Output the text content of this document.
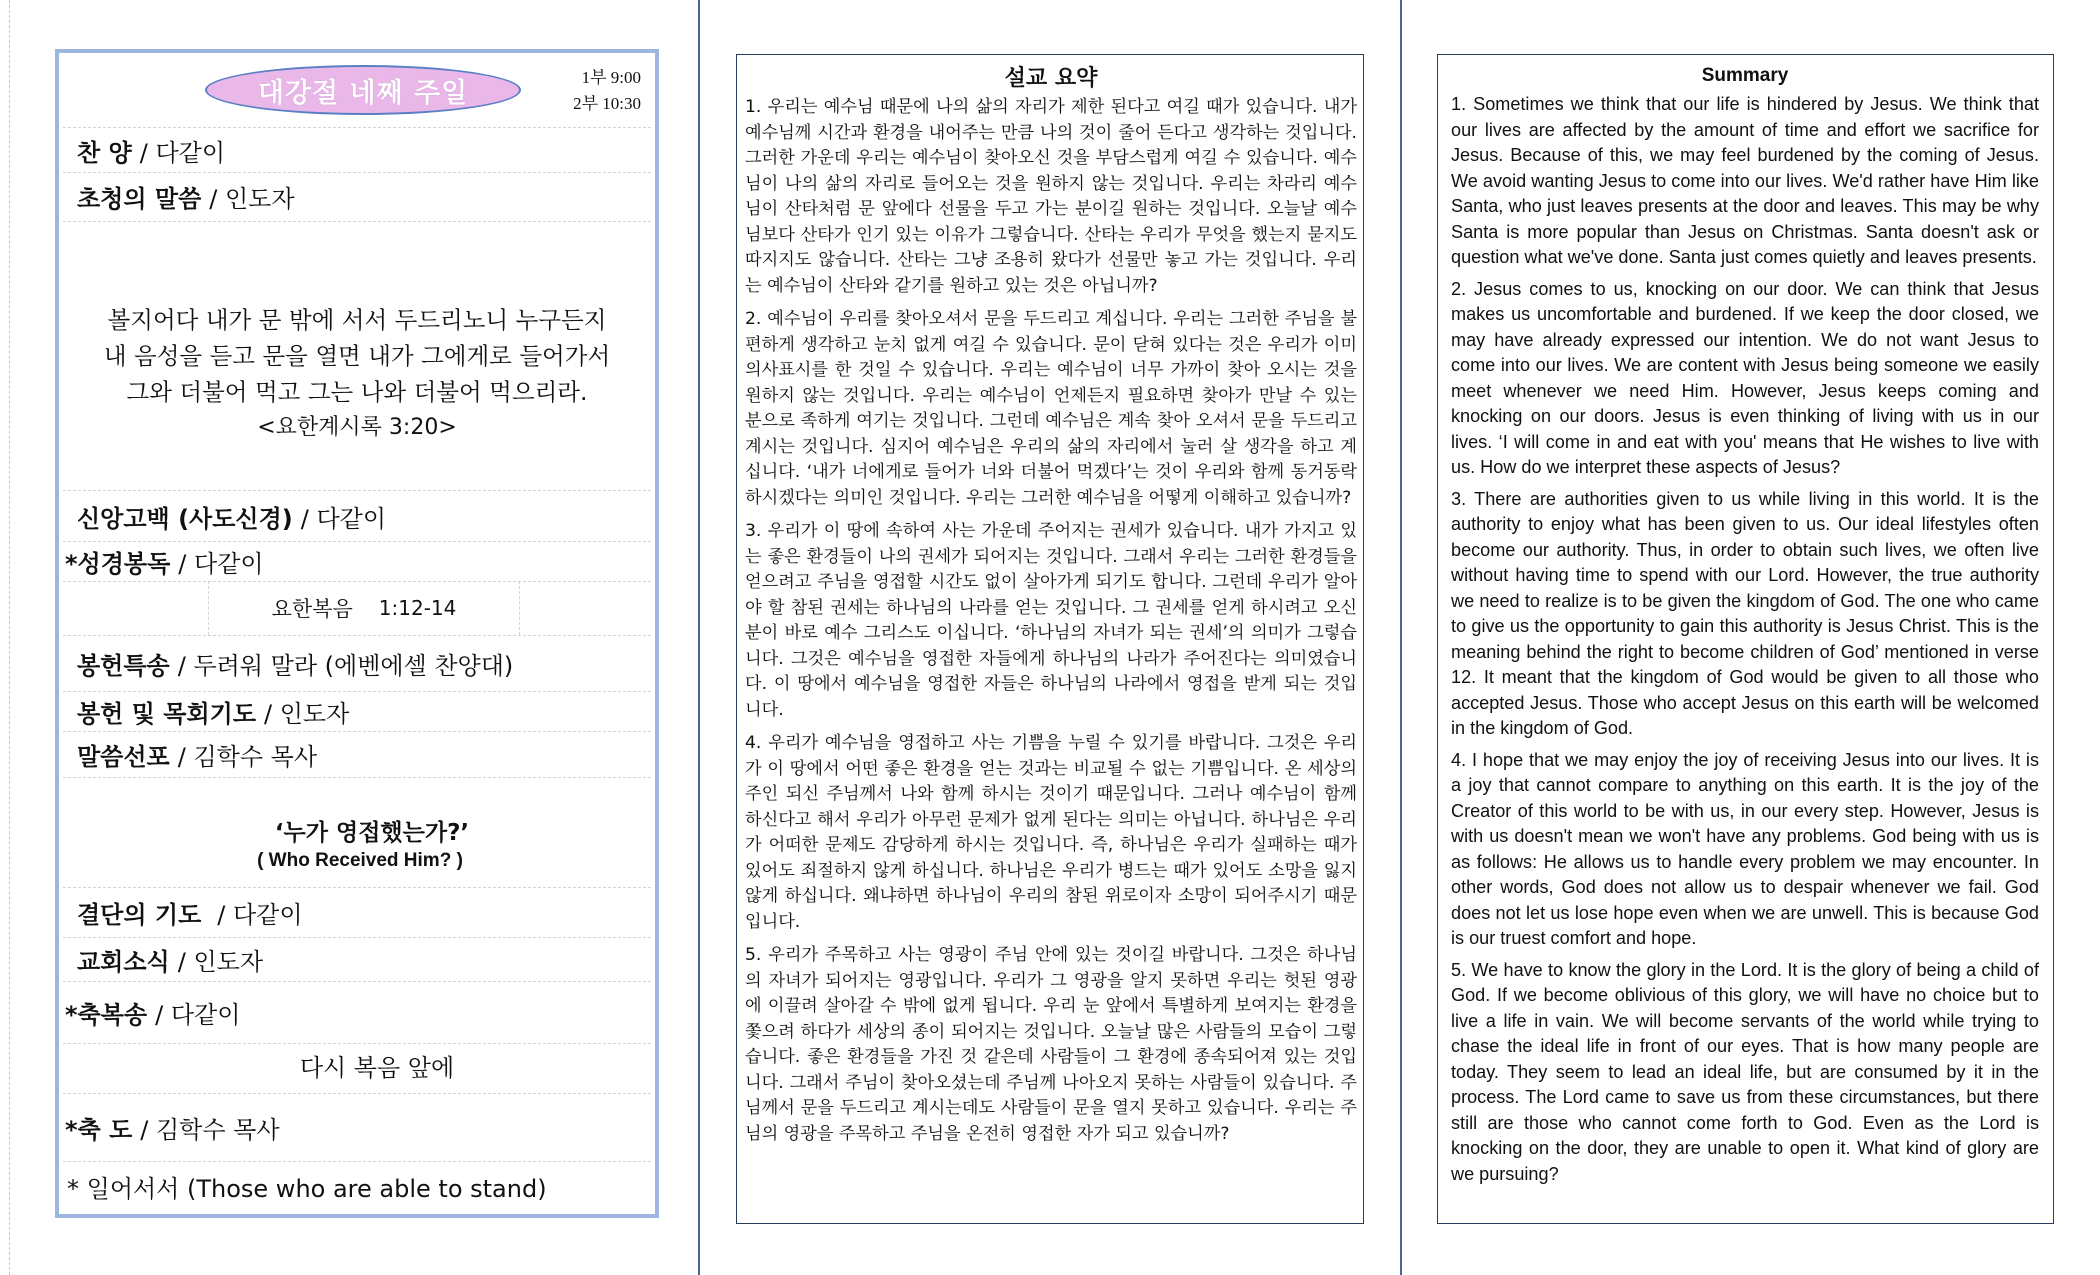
대강절 네째 주일	1부 9:00
2부 10:30
찬 양 / 다같이
초청의 말씀 / 인도자
볼지어다 내가 문 밖에 서서 두드리노니 누구든지
내 음성을 듣고 문을 열면 내가 그에게로 들어가서
그와 더불어 먹고 그는 나와 더불어 먹으리라.
<요한계시록 3:20>
신앙고백 (사도신경) / 다같이
*성경봉독 / 다같이
요한복음 1:12-14
봉헌특송 / 두려워 말라 (에벤에셀 찬양대)
봉헌 및 목회기도 / 인도자
말씀선포 / 김학수 목사
‘누가 영접했는가?’
( Who Received Him? )
결단의 기도 / 다같이
교회소식 / 인도자
*축복송 / 다같이
다시 복음 앞에
*축 도 / 김학수 목사
* 일어서서 (Those who are able to stand)
설교 요약

1. 우리는 예수님 때문에 나의 삶의 자리가 제한 된다고 여길 때가 있습니다. 내가 예수님께 시간과 환경을 내어주는 만큼 나의 것이 줄어 든다고 생각하는 것입니다. 그러한 가운데 우리는 예수님이 찾아오신 것을 부담스럽게 여길 수 있습니다. 예수님이 나의 삶의 자리로 들어오는 것을 원하지 않는 것입니다. 우리는 차라리 예수님이 산타처럼 문 앞에다 선물을 두고 가는 분이길 원하는 것입니다. 오늘날 예수님보다 산타가 인기 있는 이유가 그렇습니다. 산타는 우리가 무엇을 했는지 묻지도 따지지도 않습니다. 산타는 그냥 조용히 왔다가 선물만 놓고 가는 것입니다. 우리는 예수님이 산타와 같기를 원하고 있는 것은 아닙니까?

2. 예수님이 우리를 찾아오셔서 문을 두드리고 계십니다. 우리는 그러한 주님을 불편하게 생각하고 눈치 없게 여길 수 있습니다. 문이 닫혀 있다는 것은 우리가 이미 의사표시를 한 것일 수 있습니다. 우리는 예수님이 너무 가까이 찾아 오시는 것을 원하지 않는 것입니다. 우리는 예수님이 언제든지 필요하면 찾아가 만날 수 있는 분으로 족하게 여기는 것입니다. 그런데 예수님은 계속 찾아 오셔서 문을 두드리고 계시는 것입니다. 심지어 예수님은 우리의 삶의 자리에서 눌러 살 생각을 하고 계십니다. ‘내가 너에게로 들어가 너와 더불어 먹겠다’는 것이 우리와 함께 동거동락 하시겠다는 의미인 것입니다. 우리는 그러한 예수님을 어떻게 이해하고 있습니까?

3. 우리가 이 땅에 속하여 사는 가운데 주어지는 권세가 있습니다. 내가 가지고 있는 좋은 환경들이 나의 권세가 되어지는 것입니다. 그래서 우리는 그러한 환경들을 얻으려고 주님을 영접할 시간도 없이 살아가게 되기도 합니다. 그런데 우리가 알아야 할 참된 권세는 하나님의 나라를 얻는 것입니다. 그 권세를 얻게 하시려고 오신 분이 바로 예수 그리스도 이십니다. ‘하나님의 자녀가 되는 권세’의 의미가 그렇습니다. 그것은 예수님을 영접한 자들에게 하나님의 나라가 주어진다는 의미였습니다. 이 땅에서 예수님을 영접한 자들은 하나님의 나라에서 영접을 받게 되는 것입니다.

4. 우리가 예수님을 영접하고 사는 기쁨을 누릴 수 있기를 바랍니다. 그것은 우리가 이 땅에서 어떤 좋은 환경을 얻는 것과는 비교될 수 없는 기쁨입니다. 온 세상의 주인 되신 주님께서 나와 함께 하시는 것이기 때문입니다. 그러나 예수님이 함께 하신다고 해서 우리가 아무런 문제가 없게 된다는 의미는 아닙니다. 하나님은 우리가 어떠한 문제도 감당하게 하시는 것입니다. 즉, 하나님은 우리가 실패하는 때가 있어도 죄절하지 않게 하십니다. 하나님은 우리가 병드는 때가 있어도 소망을 잃지 않게 하십니다. 왜냐하면 하나님이 우리의 참된 위로이자 소망이 되어주시기 때문입니다.

5. 우리가 주목하고 사는 영광이 주님 안에 있는 것이길 바랍니다. 그것은 하나님의 자녀가 되어지는 영광입니다. 우리가 그 영광을 알지 못하면 우리는 헛된 영광에 이끌려 살아갈 수 밖에 없게 됩니다. 우리 눈 앞에서 특별하게 보여지는 환경을 쫓으려 하다가 세상의 종이 되어지는 것입니다. 오늘날 많은 사람들의 모습이 그렇습니다. 좋은 환경들을 가진 것 같은데 사람들이 그 환경에 종속되어져 있는 것입니다. 그래서 주님이 찾아오셨는데 주님께 나아오지 못하는 사람들이 있습니다. 주님께서 문을 두드리고 계시는데도 사람들이 문을 열지 못하고 있습니다. 우리는 주님의 영광을 주목하고 주님을 온전히 영접한 자가 되고 있습니까?

Summary

1. Sometimes we think that our life is hindered by Jesus. We think that our lives are affected by the amount of time and effort we sacrifice for Jesus. Because of this, we may feel burdened by the coming of Jesus. We avoid wanting Jesus to come into our lives. We'd rather have Him like Santa, who just leaves presents at the door and leaves. This may be why Santa is more popular than Jesus on Christmas. Santa doesn't ask or question what we've done. Santa just comes quietly and leaves presents.

2. Jesus comes to us, knocking on our door. We can think that Jesus makes us uncomfortable and burdened. If we keep the door closed, we may have already expressed our intention. We do not want Jesus to come into our lives. We are content with Jesus being someone we easily meet whenever we need Him. However, Jesus keeps coming and knocking on our doors. Jesus is even thinking of living with us in our lives. ‘I will come in and eat with you' means that He wishes to live with us. How do we interpret these aspects of Jesus?

3. There are authorities given to us while living in this world. It is the authority to enjoy what has been given to us. Our ideal lifestyles often become our authority. Thus, in order to obtain such lives, we often live without having time to spend with our Lord. However, the true authority we need to realize is to be given the kingdom of God. The one who came to give us the opportunity to gain this authority is Jesus Christ. This is the meaning behind the right to become children of God’ mentioned in verse 12. It meant that the kingdom of God would be given to all those who accepted Jesus. Those who accept Jesus on this earth will be welcomed in the kingdom of God.

4. I hope that we may enjoy the joy of receiving Jesus into our lives. It is a joy that cannot compare to anything on this earth. It is the joy of the Creator of this world to be with us, in our every step. However, Jesus is with us doesn't mean we won't have any problems. God being with us is as follows: He allows us to handle every problem we may encounter. In other words, God does not allow us to despair whenever we fail. God does not let us lose hope even when we are unwell. This is because God is our truest comfort and hope.

5. We have to know the glory in the Lord. It is the glory of being a child of God. If we become oblivious of this glory, we will have no choice but to live a life in vain. We will become servants of the world while trying to chase the ideal life in front of our eyes. That is how many people are today. They seem to lead an ideal life, but are consumed by it in the process. The Lord came to save us from these circumstances, but there still are those who cannot come forth to God. Even as the Lord is knocking on the door, they are unable to open it. What kind of glory are we pursuing?
